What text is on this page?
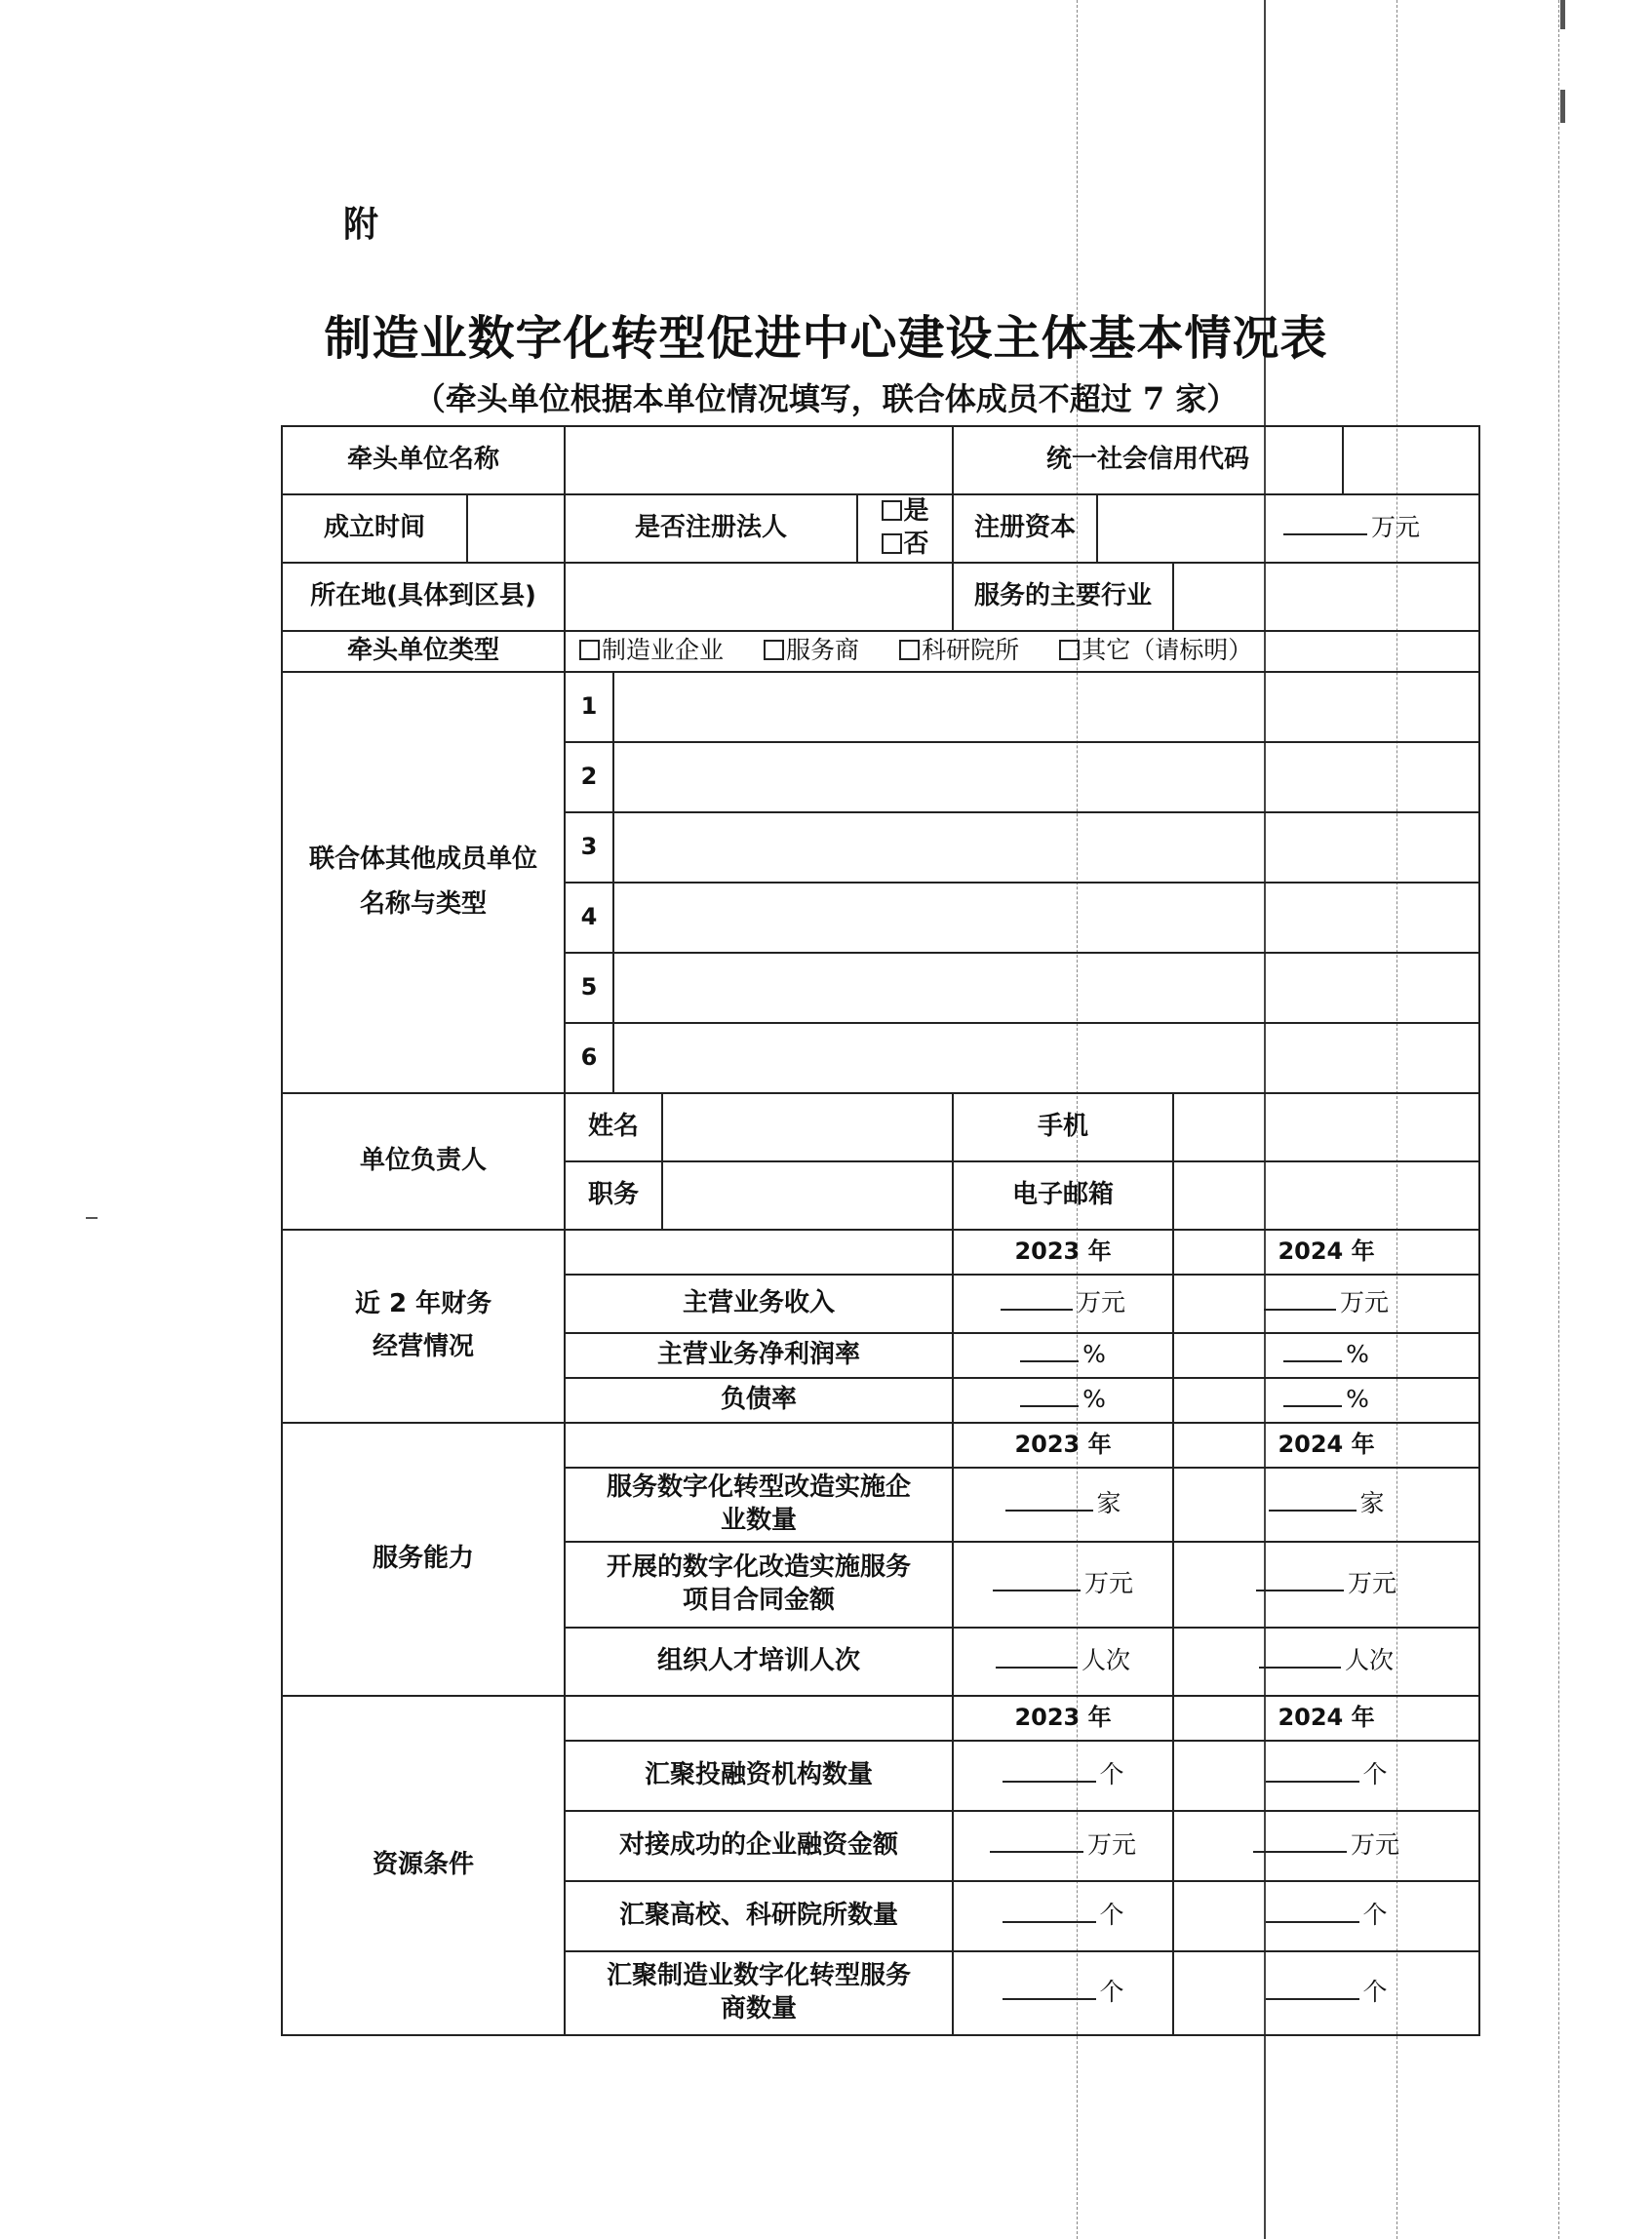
附
制造业数字化转型促进中心建设主体基本情况表
（牵头单位根据本单位情况填写，联合体成员不超过 7 家）
牵头单位名称						统一社会信用代码			
成立时间		是否注册法人			是
否	注册资本	万元		
所在地(具体到区县)						服务的主要行业			
牵头单位类型		制造业企业 服务商 科研院所 其它（请标明）							

联合体其他成员单位
名称与类型		1							
		2							
		3							
		4							
		5							
		6							
单位负责人		姓名				手机			
		职务				电子邮箱			

近 2 年财务
经营情况						2023 年		2024 年	
		主营业务收入				万元		万元	
		主营业务净利润率				%		%	
		负债率				%		%	
服务能力						2023 年		2024 年	

		服务数字化转型改造实施企
业数量				家		家	

		开展的数字化改造实施服务
项目合同金额				万元		万元	

		组织人才培训人次				人次		人次	
资源条件						2023 年		2024 年	

		汇聚投融资机构数量				个		个	

		对接成功的企业融资金额				万元		万元	

		汇聚高校、科研院所数量				个		个	

		汇聚制造业数字化转型服务
商数量				个		个	
